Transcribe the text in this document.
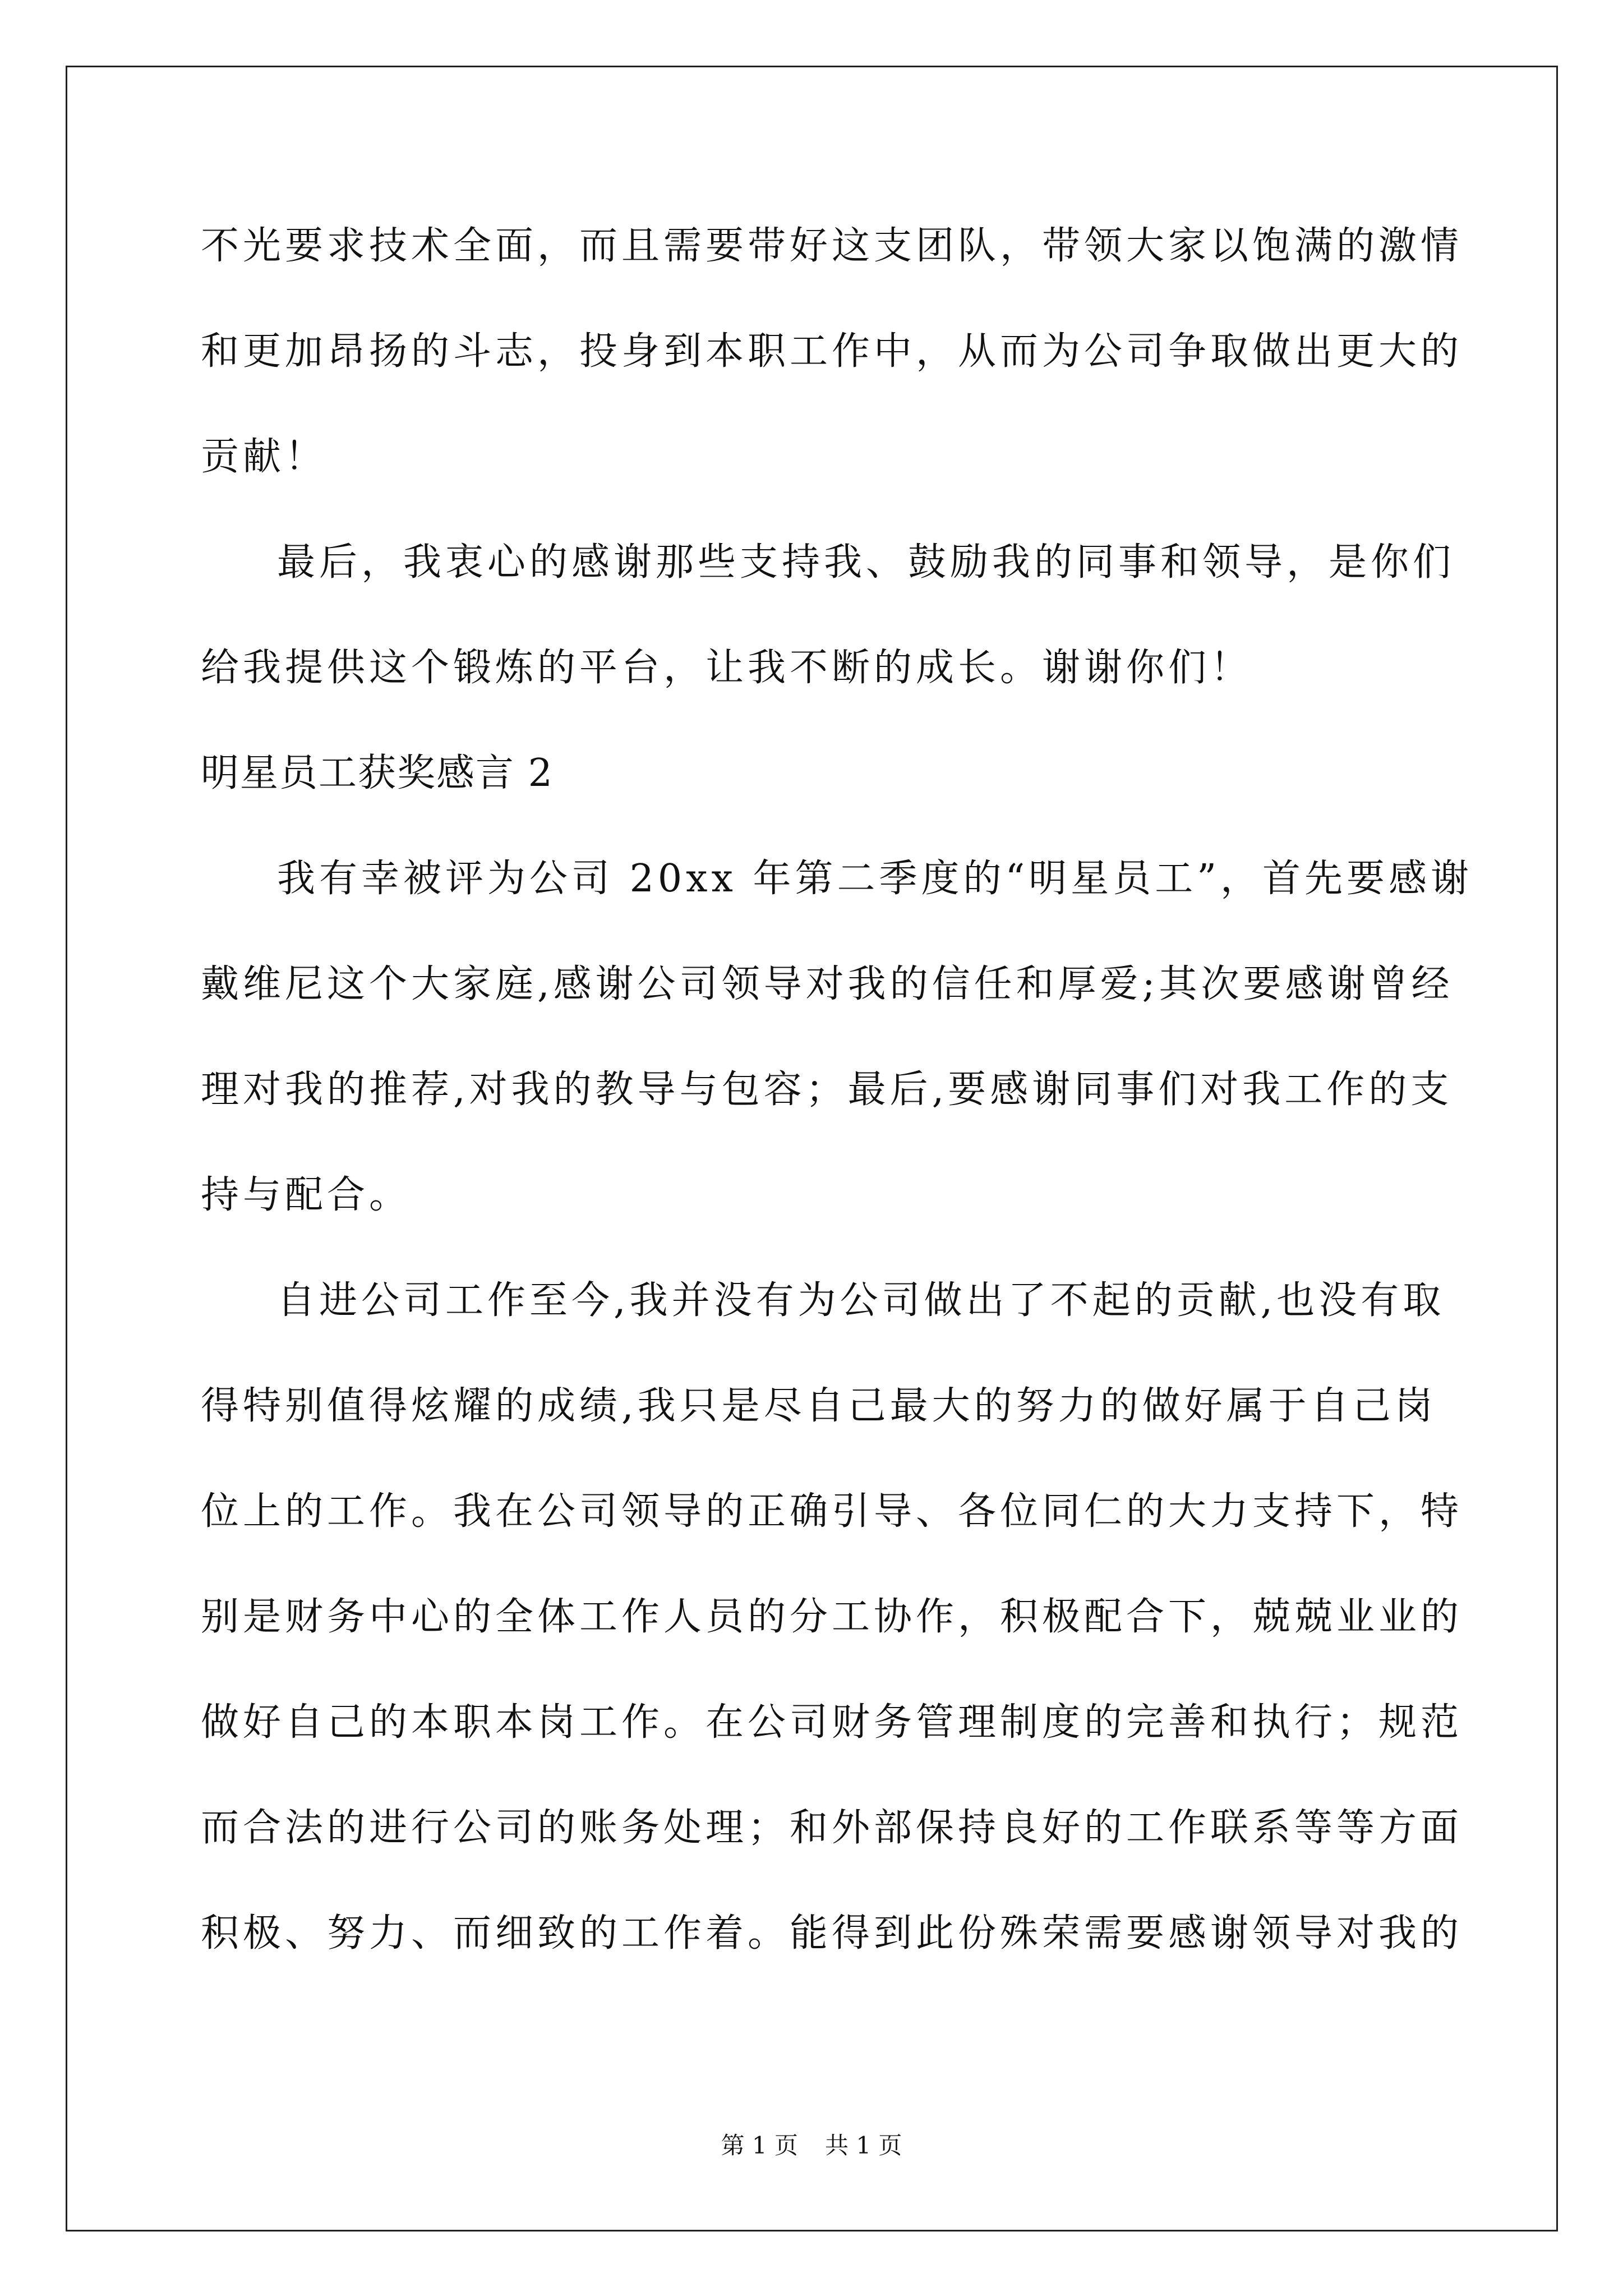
不光要求技术全面，而且需要带好这支团队，带领大家以饱满的激情
和更加昂扬的斗志，投身到本职工作中，从而为公司争取做出更大的
贡献！
最后，我衷心的感谢那些支持我、鼓励我的同事和领导，是你们
给我提供这个锻炼的平台，让我不断的成长。谢谢你们！
明星员工获奖感言 2
我有幸被评为公司 20xx 年第二季度的“明星员工”，首先要感谢
戴维尼这个大家庭,感谢公司领导对我的信任和厚爱;其次要感谢曾经
理对我的推荐,对我的教导与包容；最后,要感谢同事们对我工作的支
持与配合。
自进公司工作至今,我并没有为公司做出了不起的贡献,也没有取
得特别值得炫耀的成绩,我只是尽自己最大的努力的做好属于自己岗
位上的工作。我在公司领导的正确引导、各位同仁的大力支持下，特
别是财务中心的全体工作人员的分工协作，积极配合下，兢兢业业的
做好自己的本职本岗工作。在公司财务管理制度的完善和执行；规范
而合法的进行公司的账务处理；和外部保持良好的工作联系等等方面
积极、努力、而细致的工作着。能得到此份殊荣需要感谢领导对我的
第 1 页 共 1 页
